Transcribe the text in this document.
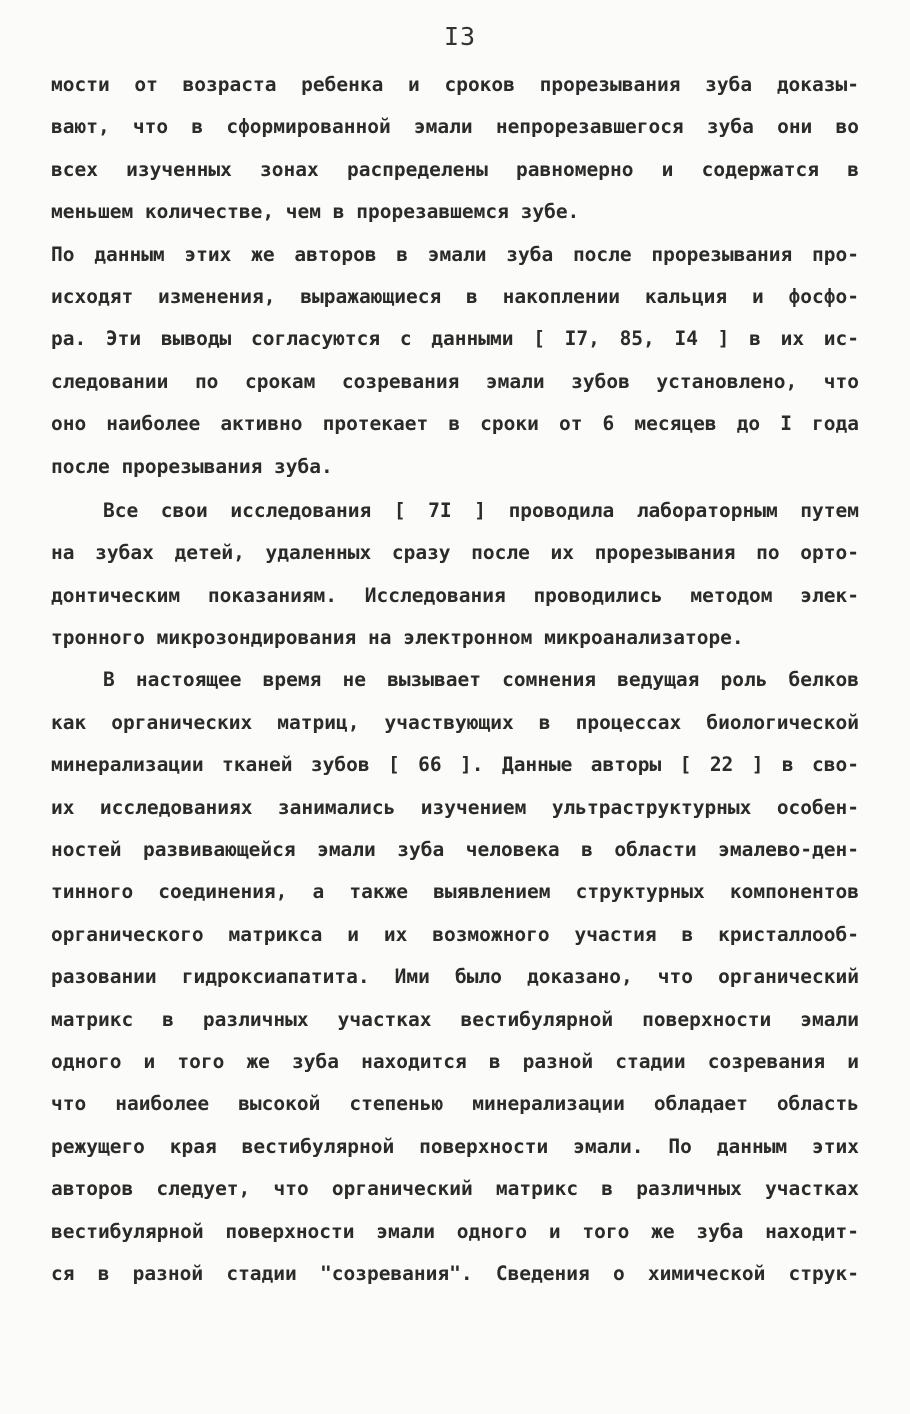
I3
мости от возраста ребенка и сроков прорезывания зуба доказы-
вают, что в сформированной эмали непрорезавшегося зуба они во
всех изученных зонах распределены равномерно и содержатся в
меньшем количестве, чем в прорезавшемся зубе.
По данным этих же авторов в эмали зуба после прорезывания про-
исходят изменения, выражающиеся в накоплении кальция и фосфо-
ра. Эти выводы согласуются с данными [ I7, 85, I4 ] в их ис-
следовании по срокам созревания эмали зубов установлено, что
оно наиболее активно протекает в сроки от 6 месяцев до I года
после прорезывания зуба.
Все свои исследования [ 7I ] проводила лабораторным путем
на зубах детей, удаленных сразу после их прорезывания по орто-
донтическим показаниям. Исследования проводились методом элек-
тронного микрозондирования на электронном микроанализаторе.
В настоящее время не вызывает сомнения ведущая роль белков
как органических матриц, участвующих в процессах биологической
минерализации тканей зубов [ 66 ]. Данные авторы [ 22 ] в сво-
их исследованиях занимались изучением ультраструктурных особен-
ностей развивающейся эмали зуба человека в области эмалево-ден-
тинного соединения, а также выявлением структурных компонентов
органического матрикса и их возможного участия в кристаллооб-
разовании гидроксиапатита. Ими было доказано, что органический
матрикс в различных участках вестибулярной поверхности эмали
одного и того же зуба находится в разной стадии созревания и
что наиболее высокой степенью минерализации обладает область
режущего края вестибулярной поверхности эмали. По данным этих
авторов следует, что органический матрикс в различных участках
вестибулярной поверхности эмали одного и того же зуба находит-
ся в разной стадии "созревания". Сведения о химической струк-
